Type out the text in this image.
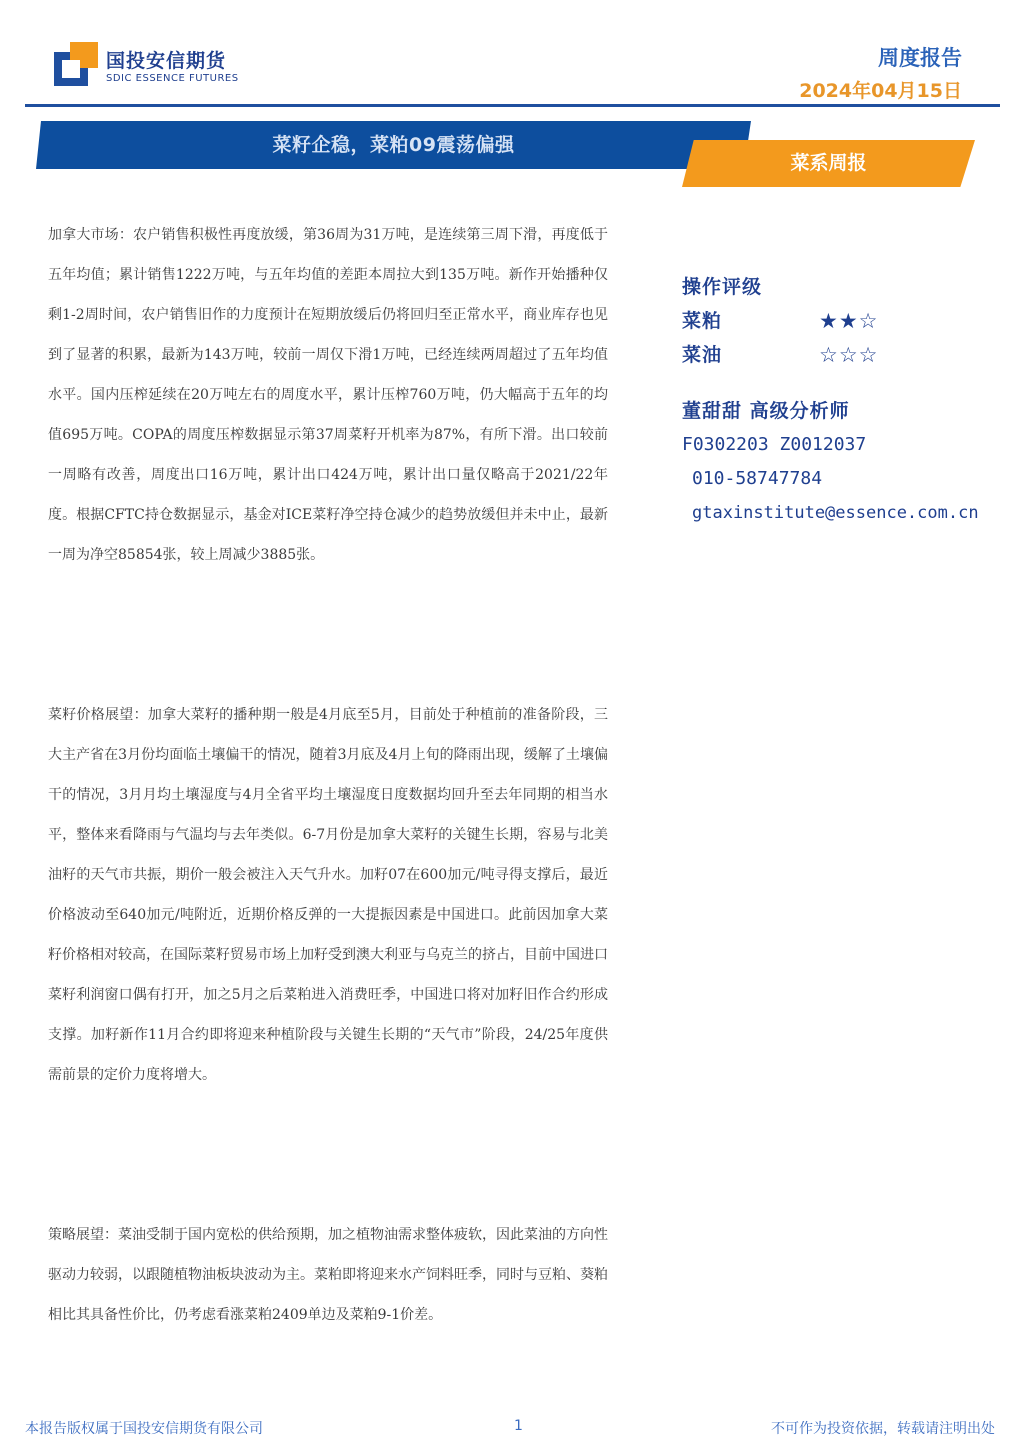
国投安信期货
SDIC ESSENCE FUTURES
周度报告
2024年04月15日
菜籽企稳，菜粕09震荡偏强
菜系周报
加拿大市场：农户销售积极性再度放缓，第36周为31万吨，是连续第三周下滑，再度低于五年均值；累计销售1222万吨，与五年均值的差距本周拉大到135万吨。新作开始播种仅剩1-2周时间，农户销售旧作的力度预计在短期放缓后仍将回归至正常水平，商业库存也见到了显著的积累，最新为143万吨，较前一周仅下滑1万吨，已经连续两周超过了五年均值水平。国内压榨延续在20万吨左右的周度水平，累计压榨760万吨，仍大幅高于五年的均值695万吨。COPA的周度压榨数据显示第37周菜籽开机率为87%，有所下滑。出口较前一周略有改善，周度出口16万吨，累计出口424万吨，累计出口量仅略高于2021/22年度。根据CFTC持仓数据显示，基金对ICE菜籽净空持仓减少的趋势放缓但并未中止，最新一周为净空85854张，较上周减少3885张。
菜籽价格展望：加拿大菜籽的播种期一般是4月底至5月，目前处于种植前的准备阶段，三大主产省在3月份均面临土壤偏干的情况，随着3月底及4月上旬的降雨出现，缓解了土壤偏干的情况，3月月均土壤湿度与4月全省平均土壤湿度日度数据均回升至去年同期的相当水平，整体来看降雨与气温均与去年类似。6-7月份是加拿大菜籽的关键生长期，容易与北美油籽的天气市共振，期价一般会被注入天气升水。加籽07在600加元/吨寻得支撑后，最近价格波动至640加元/吨附近，近期价格反弹的一大提振因素是中国进口。此前因加拿大菜籽价格相对较高，在国际菜籽贸易市场上加籽受到澳大利亚与乌克兰的挤占，目前中国进口菜籽利润窗口偶有打开，加之5月之后菜粕进入消费旺季，中国进口将对加籽旧作合约形成支撑。加籽新作11月合约即将迎来种植阶段与关键生长期的“天气市”阶段，24/25年度供需前景的定价力度将增大。
策略展望：菜油受制于国内宽松的供给预期，加之植物油需求整体疲软，因此菜油的方向性驱动力较弱，以跟随植物油板块波动为主。菜粕即将迎来水产饲料旺季，同时与豆粕、葵粕相比其具备性价比，仍考虑看涨菜粕2409单边及菜粕9-1价差。
操作评级
菜粕	★★☆
菜油	☆☆☆
董甜甜 高级分析师
F0302203 Z0012037
010-58747784
gtaxinstitute@essence.com.cn
本报告版权属于国投安信期货有限公司	1	不可作为投资依据，转载请注明出处
